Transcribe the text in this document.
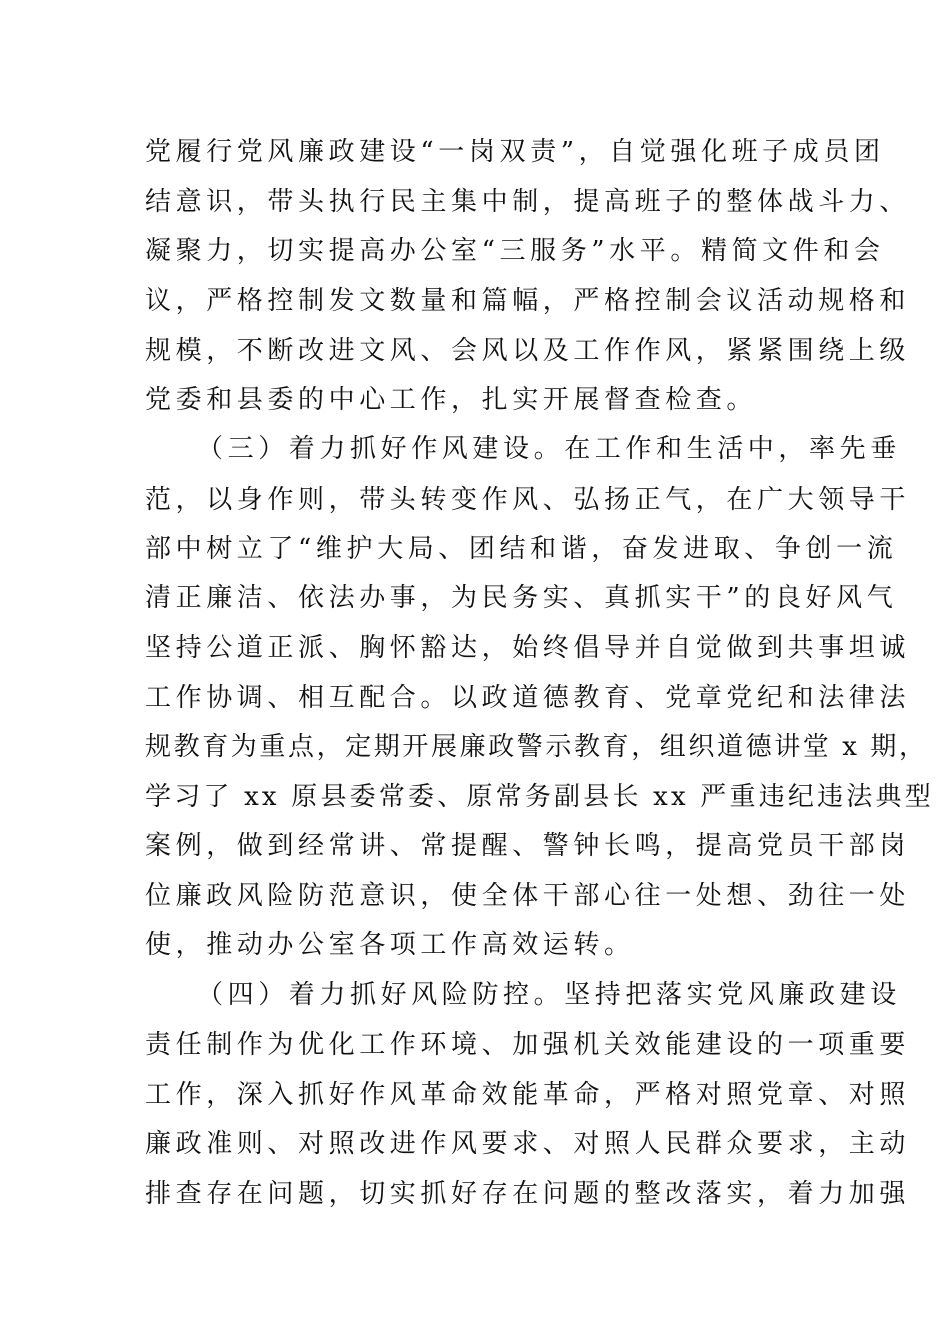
党履行党风廉政建设“一岗双责”，自觉强化班子成员团
结意识，带头执行民主集中制，提高班子的整体战斗力、
凝聚力，切实提高办公室“三服务”水平。精简文件和会
议，严格控制发文数量和篇幅，严格控制会议活动规格和
规模，不断改进文风、会风以及工作作风，紧紧围绕上级
党委和县委的中心工作，扎实开展督查检查。
（三）着力抓好作风建设。在工作和生活中，率先垂
范，以身作则，带头转变作风、弘扬正气，在广大领导干
部中树立了“维护大局、团结和谐，奋发进取、争创一流
清正廉洁、依法办事，为民务实、真抓实干”的良好风气
坚持公道正派、胸怀豁达，始终倡导并自觉做到共事坦诚
工作协调、相互配合。以政道德教育、党章党纪和法律法
规教育为重点，定期开展廉政警示教育，组织道德讲堂 x 期，
学习了 xx 原县委常委、原常务副县长 xx 严重违纪违法典型
案例，做到经常讲、常提醒、警钟长鸣，提高党员干部岗
位廉政风险防范意识，使全体干部心往一处想、劲往一处
使，推动办公室各项工作高效运转。
（四）着力抓好风险防控。坚持把落实党风廉政建设
责任制作为优化工作环境、加强机关效能建设的一项重要
工作，深入抓好作风革命效能革命，严格对照党章、对照
廉政准则、对照改进作风要求、对照人民群众要求，主动
排查存在问题，切实抓好存在问题的整改落实，着力加强
